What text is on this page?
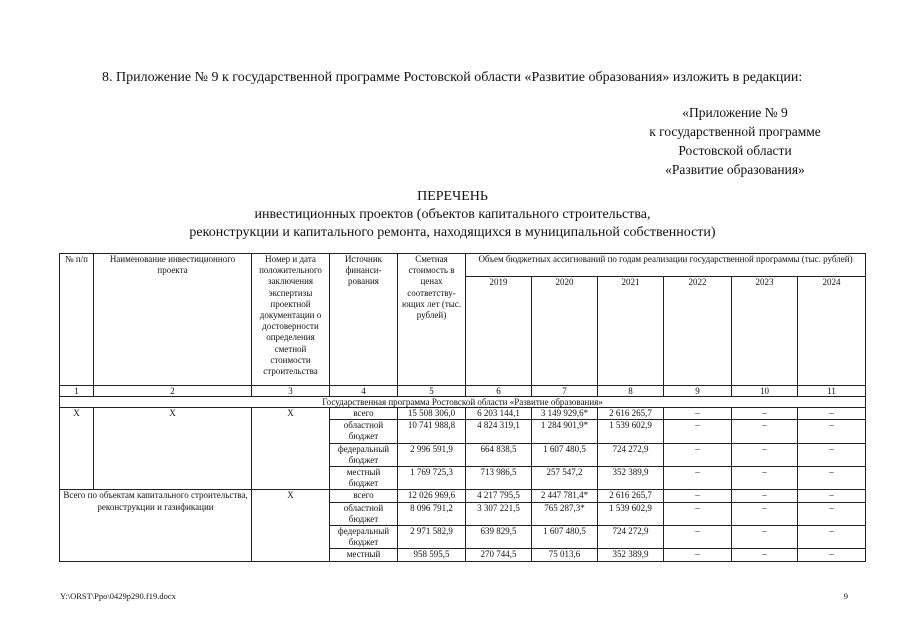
8. Приложение № 9 к государственной программе Ростовской области «Развитие образования» изложить в редакции:
«Приложение № 9
к государственной программе
Ростовской области
«Развитие образования»
ПЕРЕЧЕНЬ
инвестиционных проектов (объектов капитального строительства,
реконструкции и капитального ремонта, находящихся в муниципальной собственности)
№ п/п	Наименование инвестиционного проекта	Номер и дата положительного заключения экспертизы проектной документации о достоверности определения сметной стоимости строительства	Источник финанси- рования	Сметная стоимость в ценах соответству- ющих лет (тыс. рублей)	Объем бюджетных ассигнований по годам реализации государственной программы (тыс. рублей)					
					2019	2020	2021	2022	2023	2024
1	2	3	4	5	6	7	8	9	10	11
Государственная программа Ростовской области «Развитие образования»										
Х	Х	Х	всего	15 508 306,0	6 203 144,1	3 149 929,6*	2 616 265,7	–	–	–
			областной бюджет	10 741 988,8	4 824 319,1	1 284 901,9*	1 539 602,9	–	–	–
			федеральный бюджет	2 996 591,9	664 838,5	1 607 480,5	724 272,9	–	–	–
			местный бюджет	1 769 725,3	713 986,5	257 547,2	352 389,9	–	–	–
Всего по объектам капитального строительства, реконструкции и газификации		Х	всего	12 026 969,6	4 217 795,5	2 447 781,4*	2 616 265,7	–	–	–
			областной бюджет	8 096 791,2	3 307 221,5	765 287,3*	1 539 602,9	–	–	–
			федеральный бюджет	2 971 582,9	639 829,5	1 607 480,5	724 272,9	–	–	–
			местный	958 595,5	270 744,5	75 013,6	352 389,9	–	–	–
Y:\ORST\Ppo\0429p290.f19.docx	9
